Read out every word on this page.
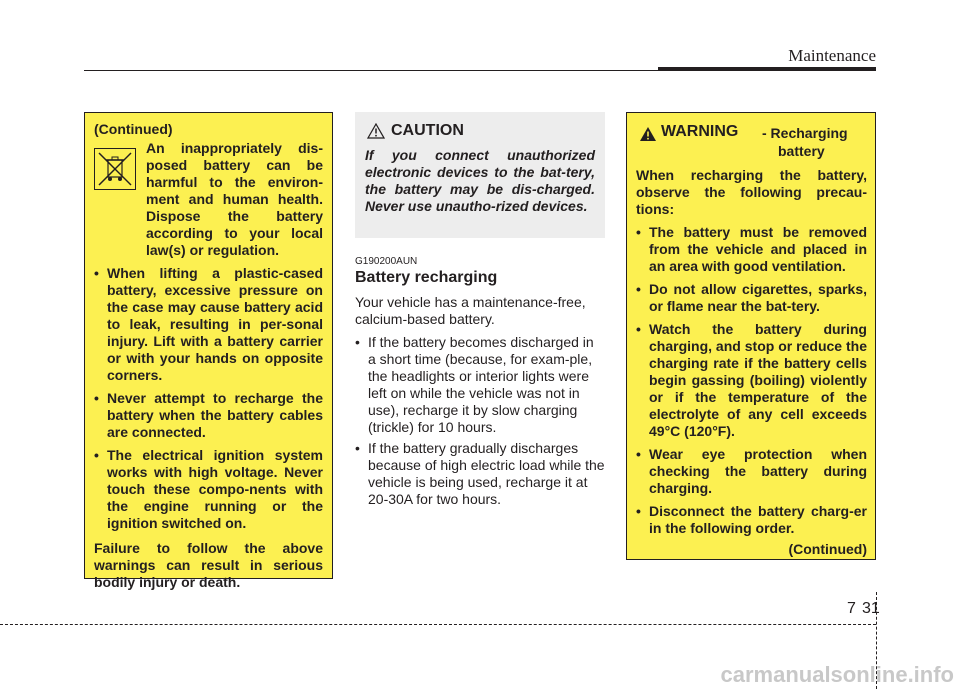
Maintenance
(Continued)
An inappropriately dis-posed battery can be harmful to the environ-ment and human health. Dispose the battery according to your local law(s) or regulation.
• When lifting a plastic-cased battery, excessive pressure on the case may cause battery acid to leak, resulting in per-sonal injury. Lift with a battery carrier or with your hands on opposite corners.
• Never attempt to recharge the battery when the battery cables are connected.
• The electrical ignition system works with high voltage. Never touch these compo-nents with the engine running or the ignition switched on.
Failure to follow the above warnings can result in serious bodily injury or death.
CAUTION
If you connect unauthorized electronic devices to the bat-tery, the battery may be dis-charged. Never use unautho-rized devices.
G190200AUN
Battery recharging

Your vehicle has a maintenance-free, calcium-based battery.

• If the battery becomes discharged in a short time (because, for exam-ple, the headlights or interior lights were left on while the vehicle was not in use), recharge it by slow charging (trickle) for 10 hours.
• If the battery gradually discharges because of high electric load while the vehicle is being used, recharge it at 20-30A for two hours.
WARNING - Recharging
battery
When recharging the battery, observe the following precau-tions:
• The battery must be removed from the vehicle and placed in an area with good ventilation.
• Do not allow cigarettes, sparks, or flame near the bat-tery.
• Watch the battery during charging, and stop or reduce the charging rate if the battery cells begin gassing (boiling) violently or if the temperature of the electrolyte of any cell exceeds 49°C (120°F).
• Wear eye protection when checking the battery during charging.
• Disconnect the battery charg-er in the following order.
(Continued)
7 31
carmanualsonline.info
